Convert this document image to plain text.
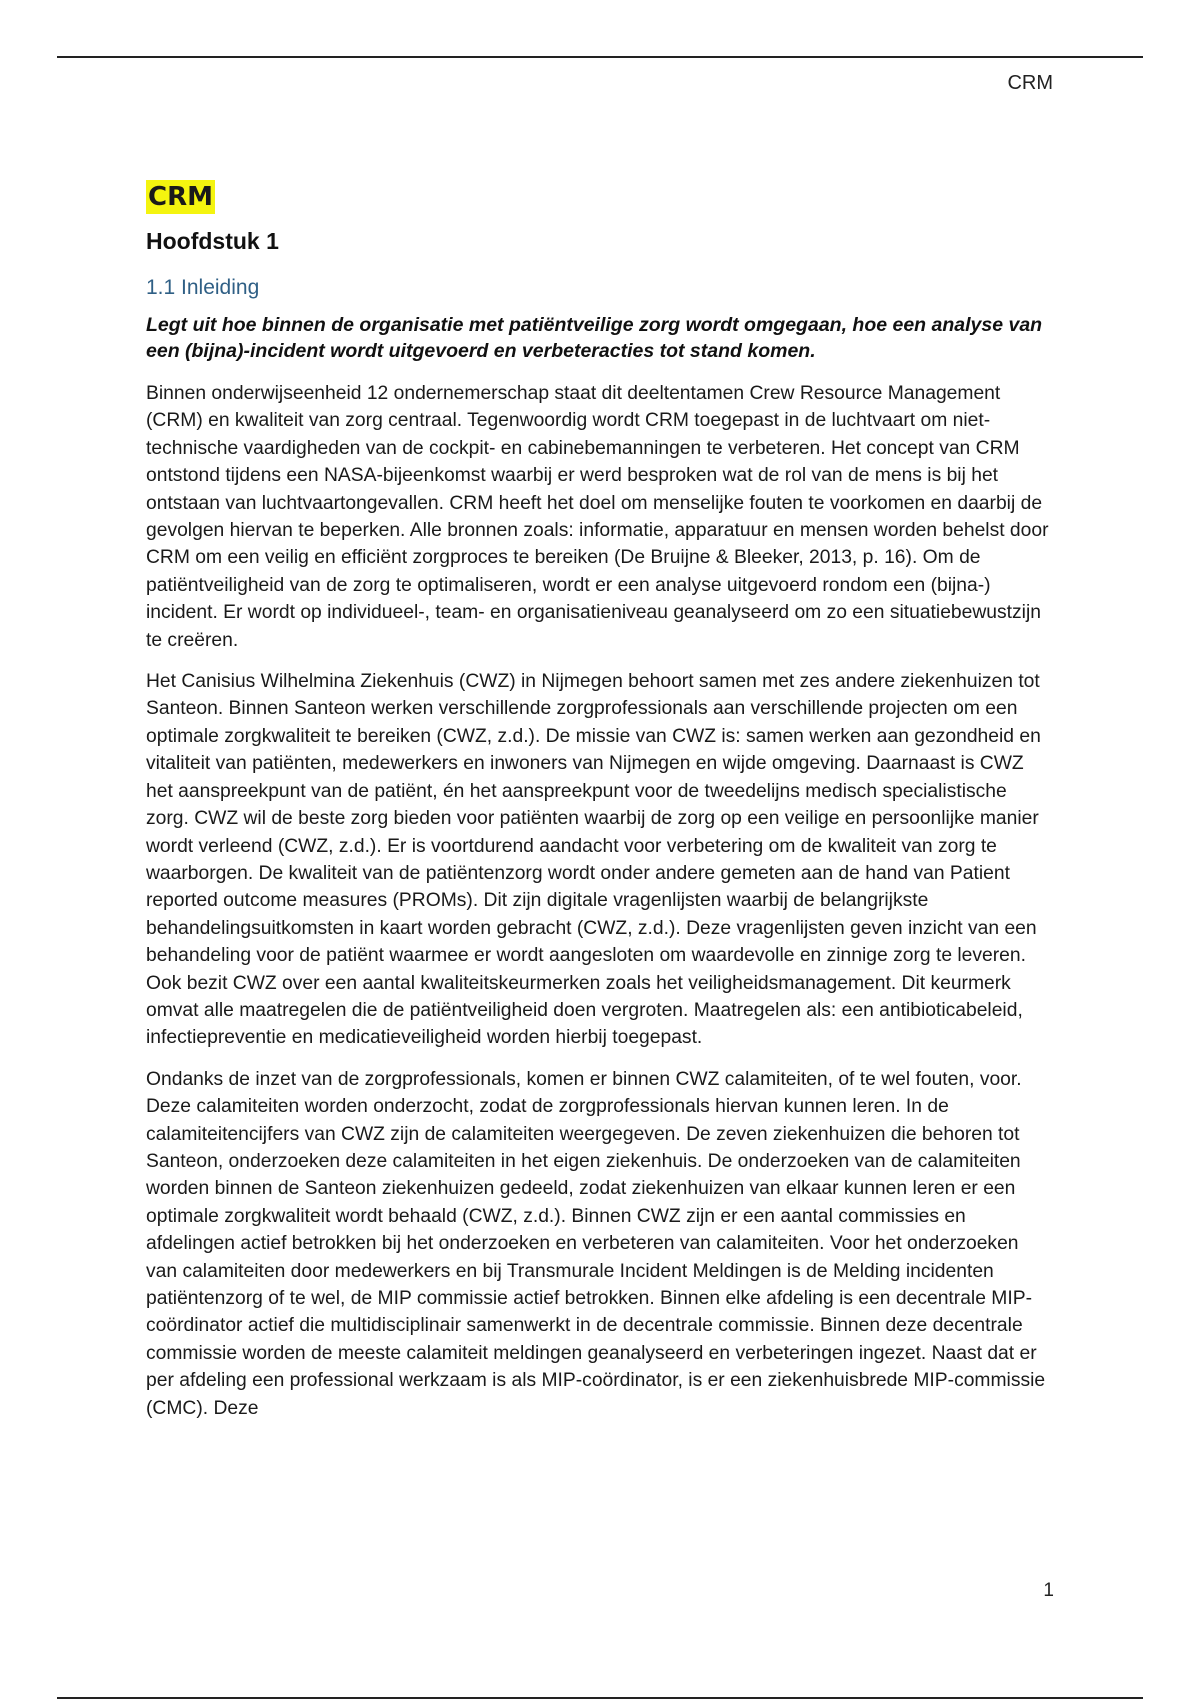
CRM
CRM
Hoofdstuk 1
1.1 Inleiding

Legt uit hoe binnen de organisatie met patiëntveilige zorg wordt omgegaan, hoe een analyse van een (bijna)-incident wordt uitgevoerd en verbeteracties tot stand komen.

Binnen onderwijseenheid 12 ondernemerschap staat dit deeltentamen Crew Resource Management (CRM) en kwaliteit van zorg centraal. Tegenwoordig wordt CRM toegepast in de luchtvaart om niet-technische vaardigheden van de cockpit- en cabinebemanningen te verbeteren. Het concept van CRM ontstond tijdens een NASA-bijeenkomst waarbij er werd besproken wat de rol van de mens is bij het ontstaan van luchtvaartongevallen. CRM heeft het doel om menselijke fouten te voorkomen en daarbij de gevolgen hiervan te beperken. Alle bronnen zoals: informatie, apparatuur en mensen worden behelst door CRM om een veilig en efficiënt zorgproces te bereiken (De Bruijne & Bleeker, 2013, p. 16). Om de patiëntveiligheid van de zorg te optimaliseren, wordt er een analyse uitgevoerd rondom een (bijna-) incident. Er wordt op individueel-, team- en organisatieniveau geanalyseerd om zo een situatiebewustzijn te creëren.

Het Canisius Wilhelmina Ziekenhuis (CWZ) in Nijmegen behoort samen met zes andere ziekenhuizen tot Santeon. Binnen Santeon werken verschillende zorgprofessionals aan verschillende projecten om een optimale zorgkwaliteit te bereiken (CWZ, z.d.). De missie van CWZ is: samen werken aan gezondheid en vitaliteit van patiënten, medewerkers en inwoners van Nijmegen en wijde omgeving. Daarnaast is CWZ het aanspreekpunt van de patiënt, én het aanspreekpunt voor de tweedelijns medisch specialistische zorg. CWZ wil de beste zorg bieden voor patiënten waarbij de zorg op een veilige en persoonlijke manier wordt verleend (CWZ, z.d.). Er is voortdurend aandacht voor verbetering om de kwaliteit van zorg te waarborgen. De kwaliteit van de patiëntenzorg wordt onder andere gemeten aan de hand van Patient reported outcome measures (PROMs). Dit zijn digitale vragenlijsten waarbij de belangrijkste behandelingsuitkomsten in kaart worden gebracht (CWZ, z.d.). Deze vragenlijsten geven inzicht van een behandeling voor de patiënt waarmee er wordt aangesloten om waardevolle en zinnige zorg te leveren. Ook bezit CWZ over een aantal kwaliteitskeurmerken zoals het veiligheidsmanagement. Dit keurmerk omvat alle maatregelen die de patiëntveiligheid doen vergroten. Maatregelen als: een antibioticabeleid, infectiepreventie en medicatieveiligheid worden hierbij toegepast.

Ondanks de inzet van de zorgprofessionals, komen er binnen CWZ calamiteiten, of te wel fouten, voor. Deze calamiteiten worden onderzocht, zodat de zorgprofessionals hiervan kunnen leren. In de calamiteitencijfers van CWZ zijn de calamiteiten weergegeven. De zeven ziekenhuizen die behoren tot Santeon, onderzoeken deze calamiteiten in het eigen ziekenhuis. De onderzoeken van de calamiteiten worden binnen de Santeon ziekenhuizen gedeeld, zodat ziekenhuizen van elkaar kunnen leren er een optimale zorgkwaliteit wordt behaald (CWZ, z.d.). Binnen CWZ zijn er een aantal commissies en afdelingen actief betrokken bij het onderzoeken en verbeteren van calamiteiten. Voor het onderzoeken van calamiteiten door medewerkers en bij Transmurale Incident Meldingen is de Melding incidenten patiëntenzorg of te wel, de MIP commissie actief betrokken. Binnen elke afdeling is een decentrale MIP-coördinator actief die multidisciplinair samenwerkt in de decentrale commissie. Binnen deze decentrale commissie worden de meeste calamiteit meldingen geanalyseerd en verbeteringen ingezet. Naast dat er per afdeling een professional werkzaam is als MIP-coördinator, is er een ziekenhuisbrede MIP-commissie (CMC). Deze

1
